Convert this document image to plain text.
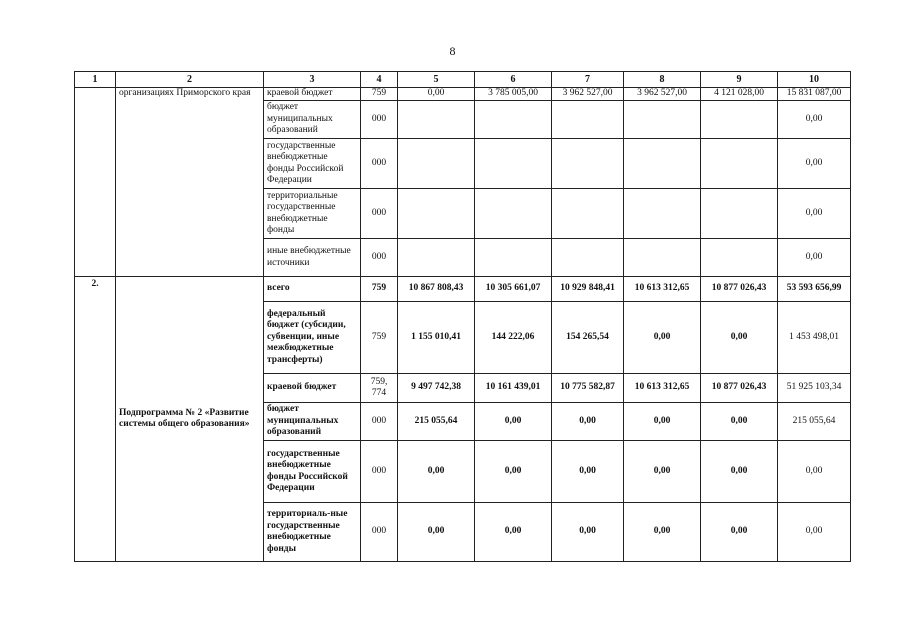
8
1	2	3	4	5	6	7	8	9	10
	организациях Приморского края	краевой бюджет	759	0,00	3 785 005,00	3 962 527,00	3 962 527,00	4 121 028,00	15 831 087,00
		бюджет муниципальных образований	000						0,00
		государственные внебюджетные фонды Российской Федерации	000						0,00
		территориальные государственные внебюджетные фонды	000						0,00
		иные внебюджетные источники	000						0,00
2.	Подпрограмма № 2 «Развитие системы общего образования»	всего	759	10 867 808,43	10 305 661,07	10 929 848,41	10 613 312,65	10 877 026,43	53 593 656,99
		федеральный бюджет (субсидии, субвенции, иные межбюджетные трансферты)	759	1 155 010,41	144 222,06	154 265,54	0,00	0,00	1 453 498,01
		краевой бюджет	759, 774	9 497 742,38	10 161 439,01	10 775 582,87	10 613 312,65	10 877 026,43	51 925 103,34
		бюджет муниципальных образований	000	215 055,64	0,00	0,00	0,00	0,00	215 055,64
		государственные внебюджетные фонды Российской Федерации	000	0,00	0,00	0,00	0,00	0,00	0,00
		территориаль-ные государственные внебюджетные фонды	000	0,00	0,00	0,00	0,00	0,00	0,00
